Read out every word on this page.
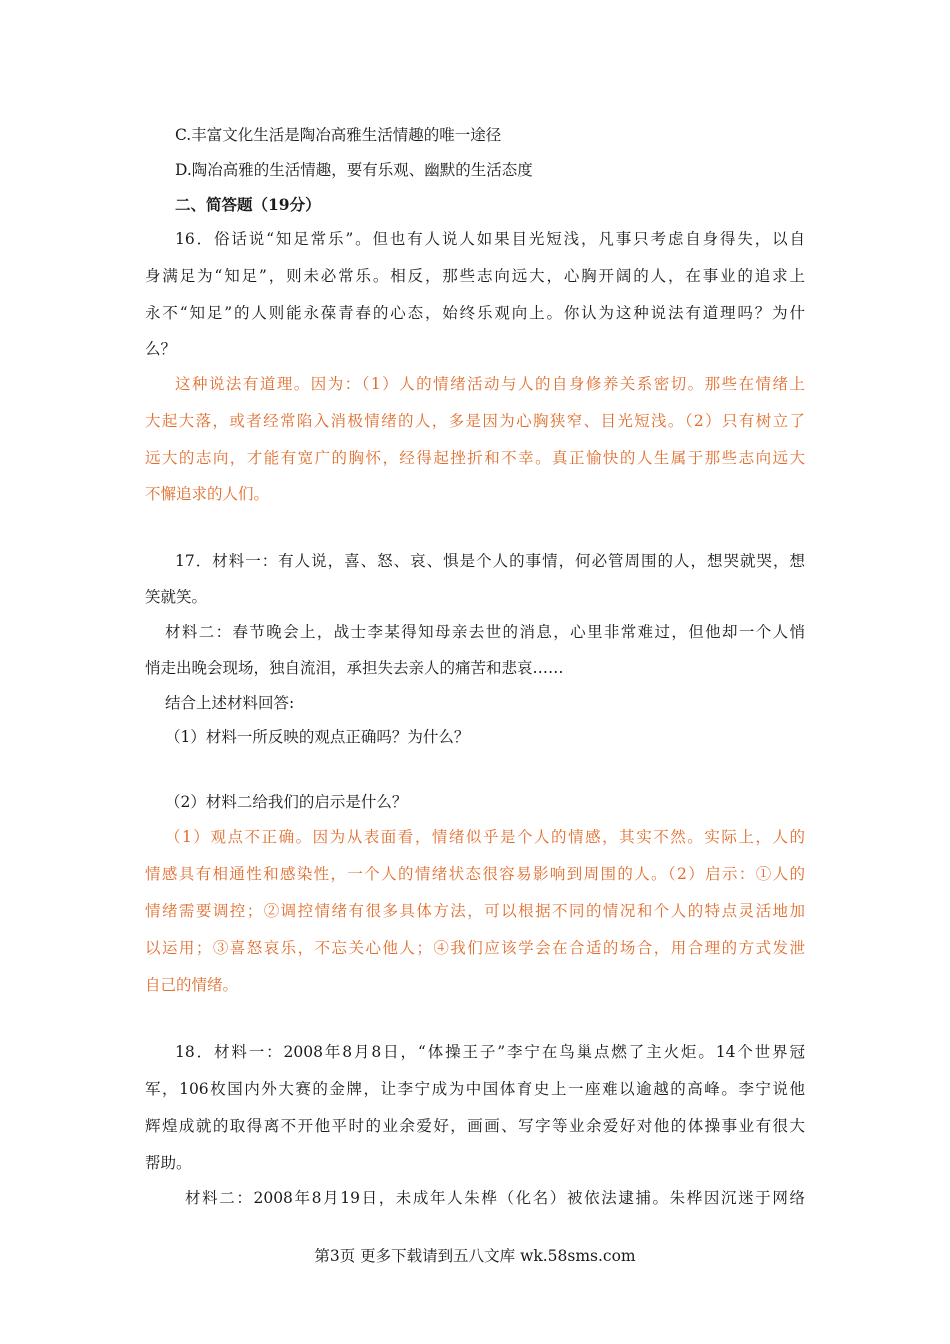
C.丰富文化生活是陶冶高雅生活情趣的唯一途径
D.陶冶高雅的生活情趣，要有乐观、幽默的生活态度
二、简答题（19分）
16．俗话说“知足常乐”。但也有人说人如果目光短浅，凡事只考虑自身得失，以自
身满足为“知足”，则未必常乐。相反，那些志向远大，心胸开阔的人，在事业的追求上
永不“知足”的人则能永葆青春的心态，始终乐观向上。你认为这种说法有道理吗？为什
么？
这种说法有道理。因为：（1）人的情绪活动与人的自身修养关系密切。那些在情绪上
大起大落，或者经常陷入消极情绪的人，多是因为心胸狭窄、目光短浅。（2）只有树立了
远大的志向，才能有宽广的胸怀，经得起挫折和不幸。真正愉快的人生属于那些志向远大
不懈追求的人们。
17．材料一：有人说，喜、怒、哀、惧是个人的事情，何必管周围的人，想哭就哭，想
笑就笑。
材料二：春节晚会上，战士李某得知母亲去世的消息，心里非常难过，但他却一个人悄
悄走出晚会现场，独自流泪，承担失去亲人的痛苦和悲哀……
结合上述材料回答:
（1）材料一所反映的观点正确吗？为什么？
（2）材料二给我们的启示是什么？
（1）观点不正确。因为从表面看，情绪似乎是个人的情感，其实不然。实际上，人的
情感具有相通性和感染性，一个人的情绪状态很容易影响到周围的人。（2）启示：①人的
情绪需要调控；②调控情绪有很多具体方法，可以根据不同的情况和个人的特点灵活地加
以运用；③喜怒哀乐，不忘关心他人；④我们应该学会在合适的场合，用合理的方式发泄
自己的情绪。
18．材料一：2008年8月8日，“体操王子”李宁在鸟巢点燃了主火炬。14个世界冠
军，106枚国内外大赛的金牌，让李宁成为中国体育史上一座难以逾越的高峰。李宁说他
辉煌成就的取得离不开他平时的业余爱好，画画、写字等业余爱好对他的体操事业有很大
帮助。
材料二：2008年8月19日，未成年人朱桦（化名）被依法逮捕。朱桦因沉迷于网络
第3页 更多下载请到五八文库 wk.58sms.com
